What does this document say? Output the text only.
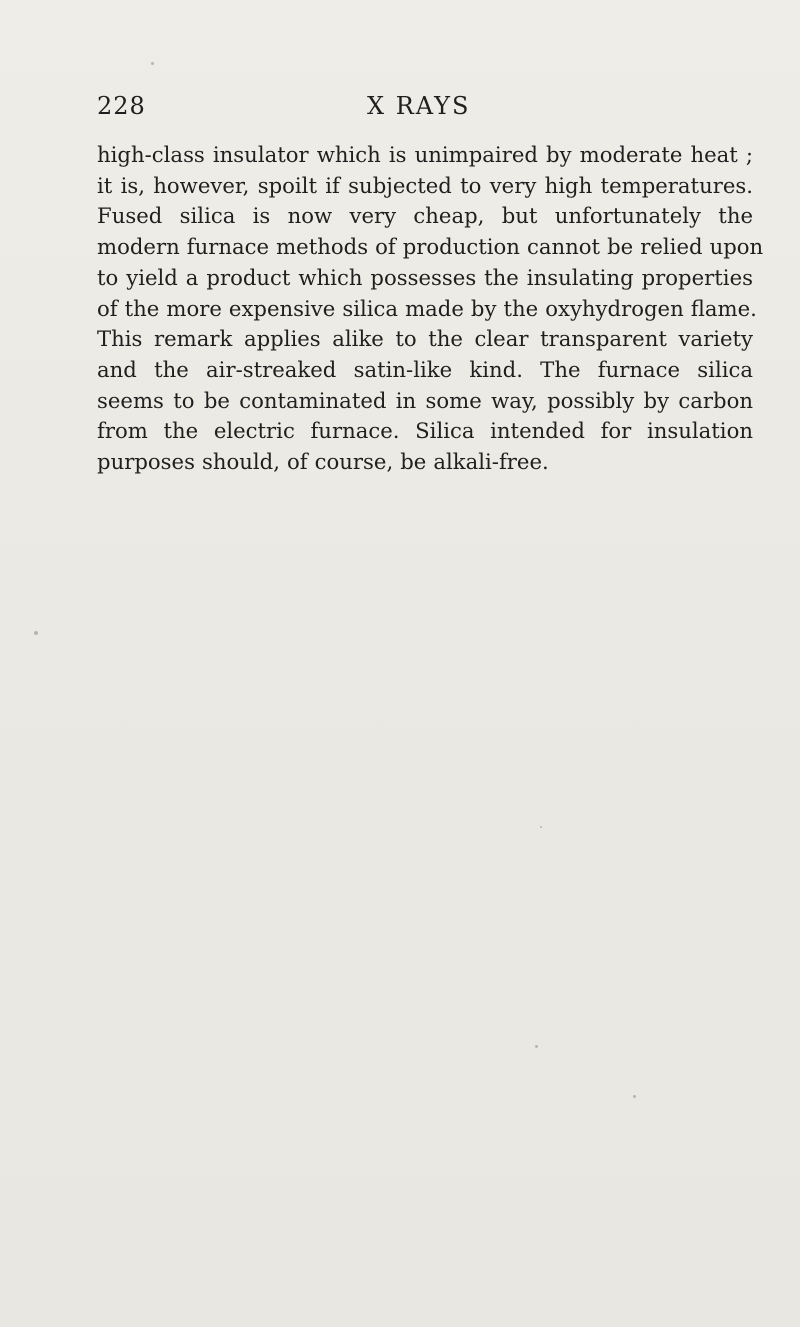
228	X RAYS
high-class insulator which is unimpaired by moderate heat ;
it is, however, spoilt if subjected to very high temperatures.
Fused silica is now very cheap, but unfortunately the
modern furnace methods of production cannot be relied upon
to yield a product which possesses the insulating properties
of the more expensive silica made by the oxyhydrogen flame.
This remark applies alike to the clear transparent variety
and the air-streaked satin-like kind. The furnace silica
seems to be contaminated in some way, possibly by carbon
from the electric furnace. Silica intended for insulation
purposes should, of course, be alkali-free.
